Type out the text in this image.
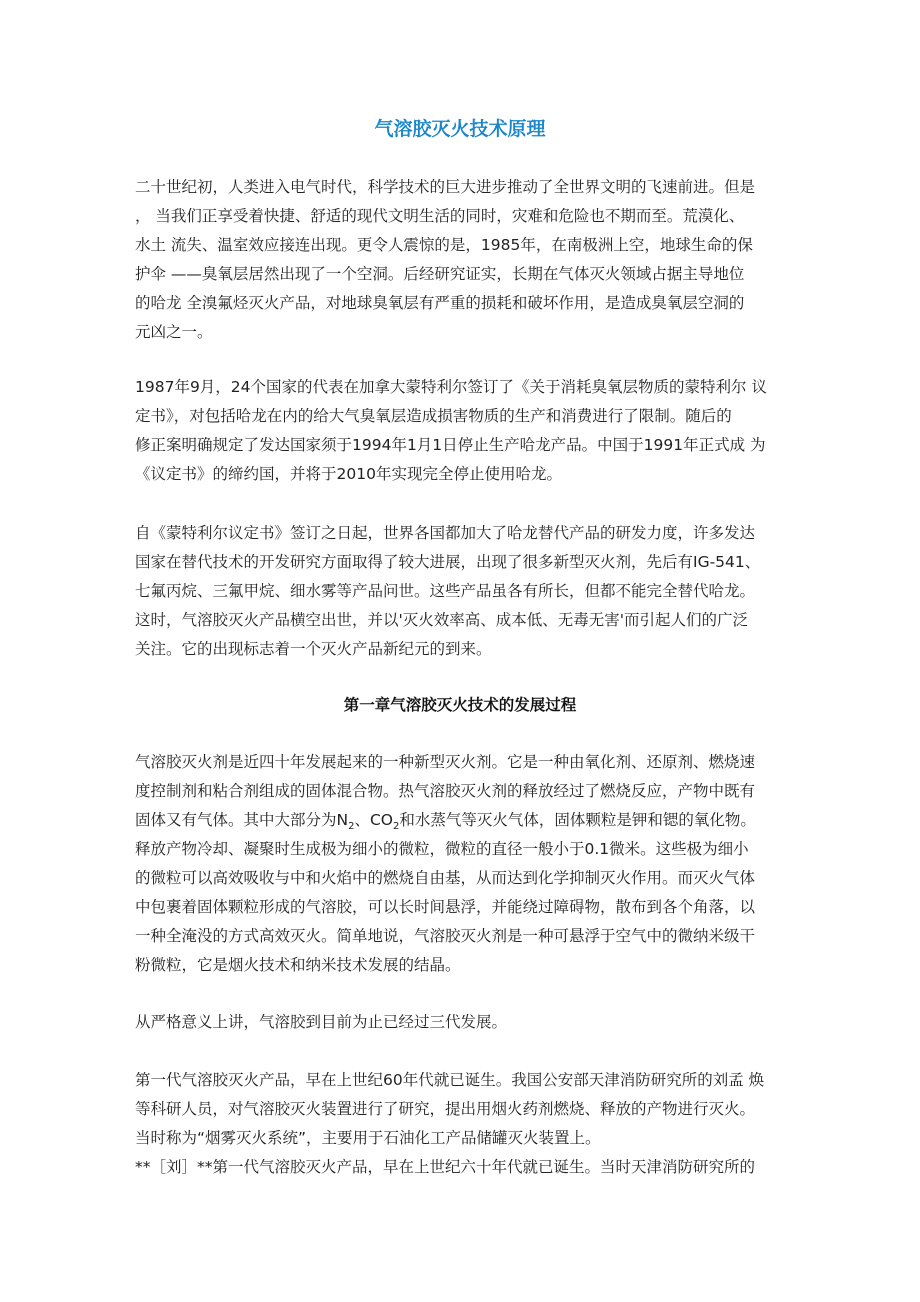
气溶胶灭火技术原理
二十世纪初，人类进入电气时代，科学技术的巨大进步推动了全世界文明的飞速前进。但是
， 当我们正享受着快捷、舒适的现代文明生活的同时，灾难和危险也不期而至。荒漠化、
水土 流失、温室效应接连出现。更令人震惊的是，1985年，在南极洲上空，地球生命的保
护伞 ——臭氧层居然出现了一个空洞。后经研究证实，长期在气体灭火领域占据主导地位
的哈龙 全溴氟烃灭火产品，对地球臭氧层有严重的损耗和破坏作用，是造成臭氧层空洞的
元凶之一。
1987年9月，24个国家的代表在加拿大蒙特利尔签订了《关于消耗臭氧层物质的蒙特利尔 议
定书》，对包括哈龙在内的给大气臭氧层造成损害物质的生产和消费进行了限制。随后的
修正案明确规定了发达国家须于1994年1月1日停止生产哈龙产品。中国于1991年正式成 为
《议定书》的缔约国，并将于2010年实现完全停止使用哈龙。
自《蒙特利尔议定书》签订之日起，世界各国都加大了哈龙替代产品的研发力度，许多发达
国家在替代技术的开发研究方面取得了较大进展，出现了很多新型灭火剂，先后有IG-541、
七氟丙烷、三氟甲烷、细水雾等产品问世。这些产品虽各有所长，但都不能完全替代哈龙。
这时，气溶胶灭火产品横空出世，并以'灭火效率高、成本低、无毒无害'而引起人们的广泛
关注。它的出现标志着一个灭火产品新纪元的到来。
第一章气溶胶灭火技术的发展过程
气溶胶灭火剂是近四十年发展起来的一种新型灭火剂。它是一种由氧化剂、还原剂、燃烧速
度控制剂和粘合剂组成的固体混合物。热气溶胶灭火剂的释放经过了燃烧反应，产物中既有
固体又有气体。其中大部分为$N_2$、$CO_2$和水蒸气等灭火气体，固体颗粒是钾和锶的氧化物。
释放产物冷却、凝聚时生成极为细小的微粒，微粒的直径一般小于0.1微米。这些极为细小
的微粒可以高效吸收与中和火焰中的燃烧自由基，从而达到化学抑制灭火作用。而灭火气体
中包裹着固体颗粒形成的气溶胶，可以长时间悬浮，并能绕过障碍物，散布到各个角落，以
一种全淹没的方式高效灭火。简单地说，气溶胶灭火剂是一种可悬浮于空气中的微纳米级干
粉微粒，它是烟火技术和纳米技术发展的结晶。
从严格意义上讲，气溶胶到目前为止已经过三代发展。
第一代气溶胶灭火产品，早在上世纪60年代就已诞生。我国公安部天津消防研究所的刘孟 焕
等科研人员，对气溶胶灭火装置进行了研究，提出用烟火药剂燃烧、释放的产物进行灭火。
当时称为“烟雾灭火系统”，主要用于石油化工产品储罐灭火装置上。
**［刘］**第一代气溶胶灭火产品，早在上世纪六十年代就已诞生。当时天津消防研究所的
